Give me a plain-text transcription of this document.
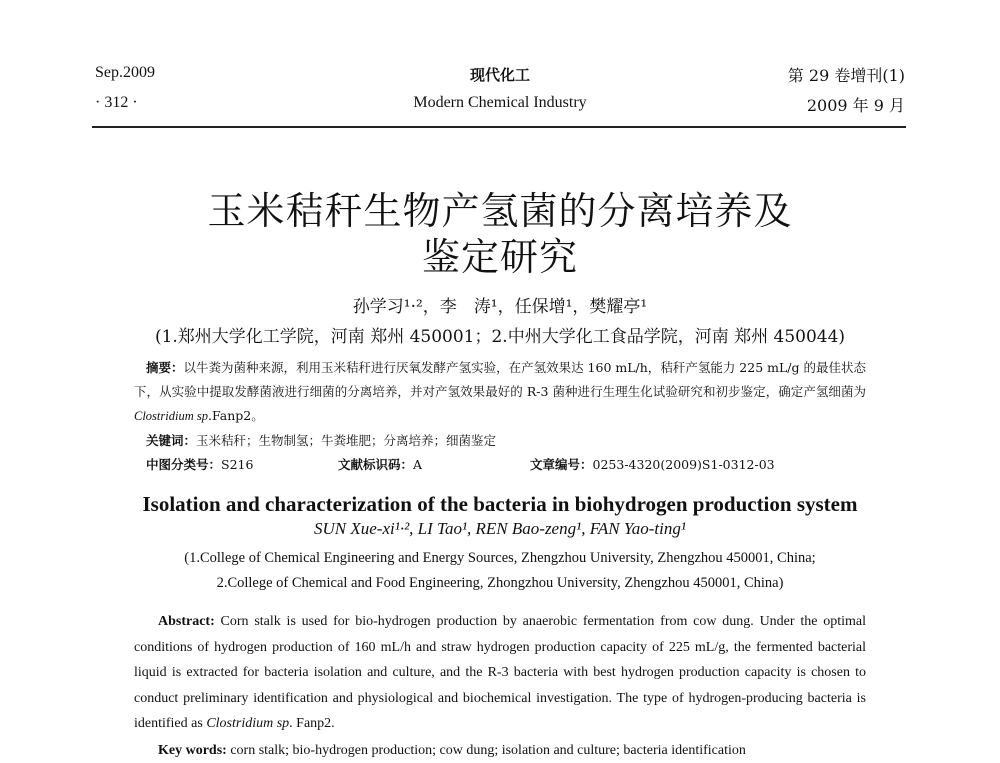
Sep.2009
· 312 ·
现代化工
Modern Chemical Industry
第 29 卷增刊(1)
2009 年 9 月
玉米秸秆生物产氢菌的分离培养及
鉴定研究
孙学习¹·²，李　涛¹，任保增¹，樊耀亭¹
(1.郑州大学化工学院，河南 郑州 450001；2.中州大学化工食品学院，河南 郑州 450044)
摘要：以牛粪为菌种来源，利用玉米秸秆进行厌氧发酵产氢实验，在产氢效果达 160 mL/h，秸秆产氢能力 225 mL/g 的最佳状态下，从实验中提取发酵菌液进行细菌的分离培养，并对产氢效果最好的 R-3 菌种进行生理生化试验研究和初步鉴定，确定产氢细菌为 Clostridium sp.Fanp2。
关键词：玉米秸秆；生物制氢；牛粪堆肥；分离培养；细菌鉴定
中图分类号：S216	文献标识码：A	文章编号：0253-4320(2009)S1-0312-03
Isolation and characterization of the bacteria in biohydrogen production system
SUN Xue-xi¹·², LI Tao¹, REN Bao-zeng¹, FAN Yao-ting¹
(1.College of Chemical Engineering and Energy Sources, Zhengzhou University, Zhengzhou 450001, China;
2.College of Chemical and Food Engineering, Zhongzhou University, Zhengzhou 450001, China)
Abstract: Corn stalk is used for bio-hydrogen production by anaerobic fermentation from cow dung. Under the optimal conditions of hydrogen production of 160 mL/h and straw hydrogen production capacity of 225 mL/g, the fermented bacterial liquid is extracted for bacteria isolation and culture, and the R-3 bacteria with best hydrogen production capacity is chosen to conduct preliminary identification and physiological and biochemical investigation. The type of hydrogen-producing bacteria is identified as Clostridium sp. Fanp2.
Key words: corn stalk; bio-hydrogen production; cow dung; isolation and culture; bacteria identification
